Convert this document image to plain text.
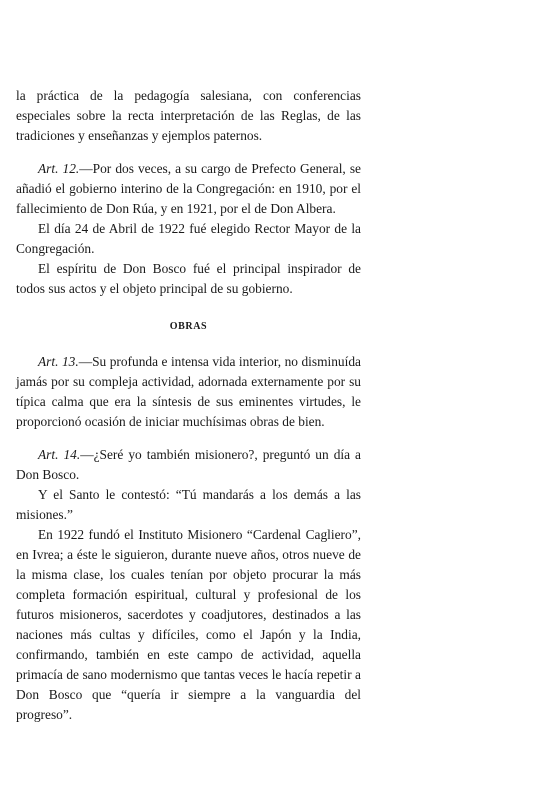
la práctica de la pedagogía salesiana, con conferencias especiales sobre la recta interpretación de las Reglas, de las tradiciones y enseñanzas y ejemplos paternos.

Art. 12.—Por dos veces, a su cargo de Prefecto General, se añadió el gobierno interino de la Congregación: en 1910, por el fallecimiento de Don Rúa, y en 1921, por el de Don Albera.

El día 24 de Abril de 1922 fué elegido Rector Mayor de la Congregación.

El espíritu de Don Bosco fué el principal inspirador de todos sus actos y el objeto principal de su gobierno.

OBRAS

Art. 13.—Su profunda e intensa vida interior, no disminuída jamás por su compleja actividad, adornada externamente por su típica calma que era la síntesis de sus eminentes virtudes, le proporcionó ocasión de iniciar muchísimas obras de bien.

Art. 14.—¿Seré yo también misionero?, preguntó un día a Don Bosco.

Y el Santo le contestó: “Tú mandarás a los demás a las misiones.”

En 1922 fundó el Instituto Misionero “Cardenal Cagliero”, en Ivrea; a éste le siguieron, durante nueve años, otros nueve de la misma clase, los cuales tenían por objeto procurar la más completa formación espiritual, cultural y profesional de los futuros misioneros, sacerdotes y coadjutores, destinados a las naciones más cultas y difíciles, como el Japón y la India, confirmando, también en este campo de actividad, aquella primacía de sano modernismo que tantas veces le hacía repetir a Don Bosco que “quería ir siempre a la vanguardia del progreso”.
